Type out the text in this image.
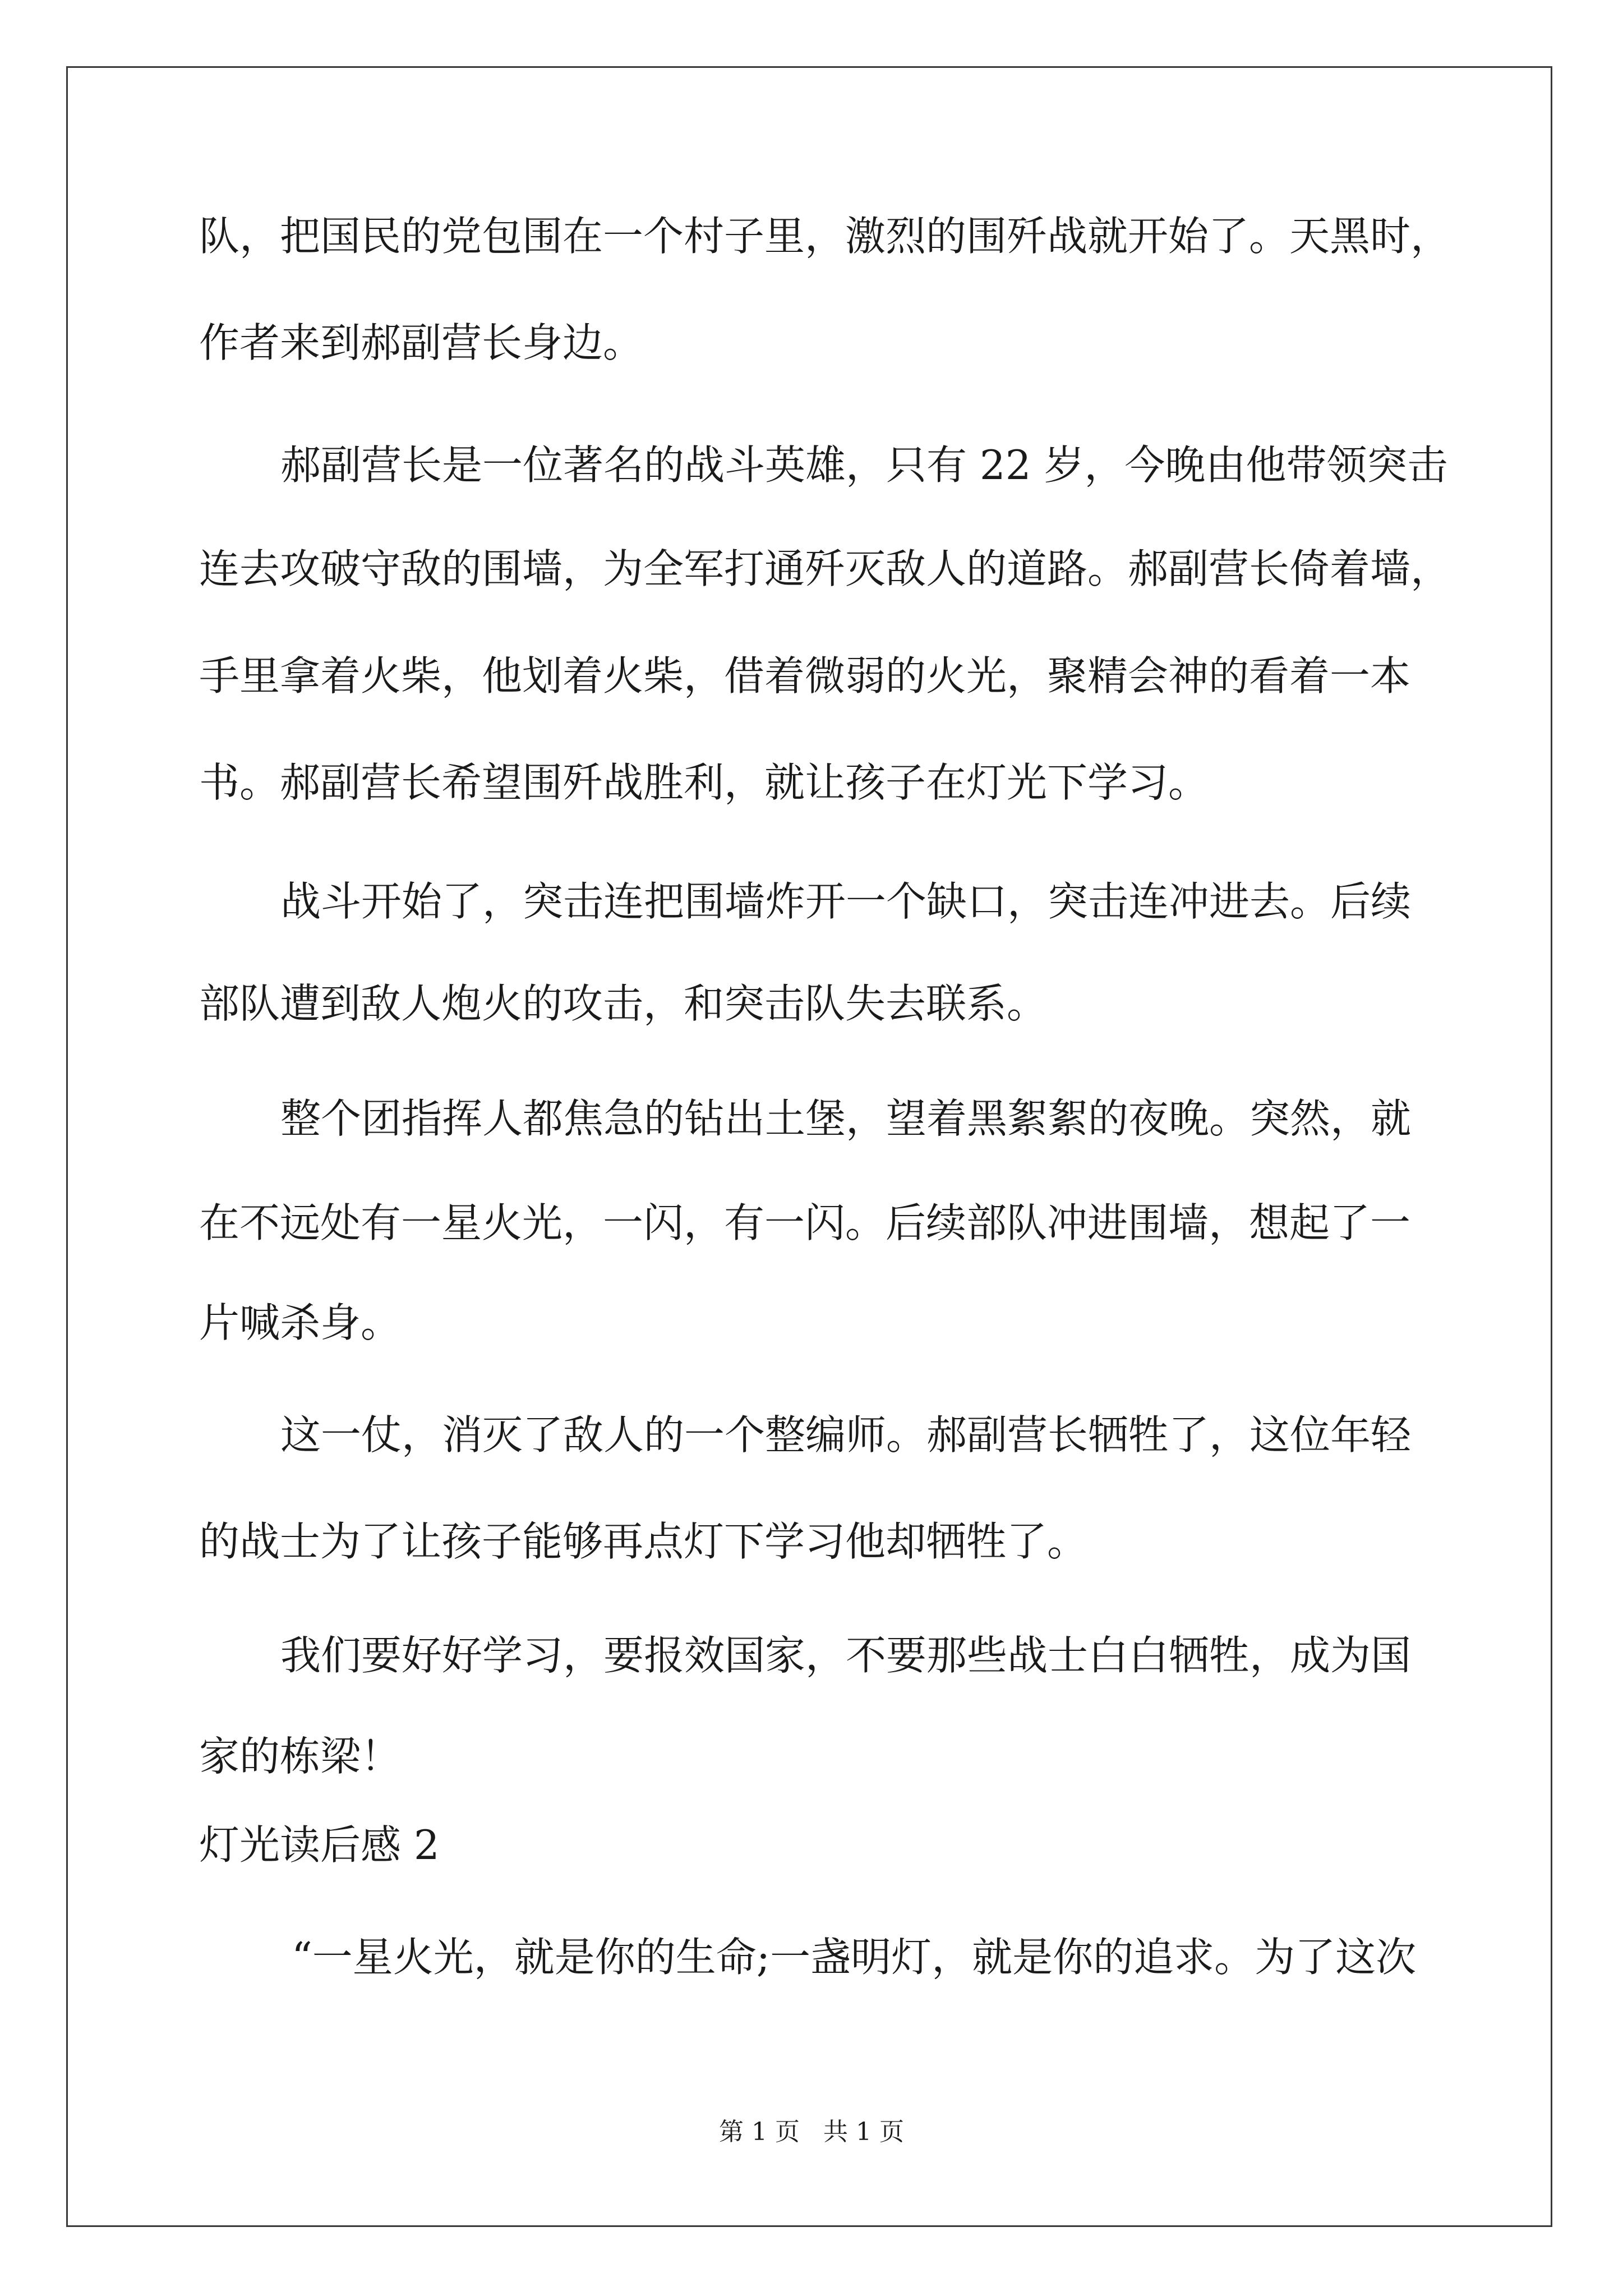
队，把国民的党包围在一个村子里，激烈的围歼战就开始了。天黑时，

作者来到郝副营长身边。

郝副营长是一位著名的战斗英雄，只有 22 岁，今晚由他带领突击

连去攻破守敌的围墙，为全军打通歼灭敌人的道路。郝副营长倚着墙，

手里拿着火柴，他划着火柴，借着微弱的火光，聚精会神的看着一本

书。郝副营长希望围歼战胜利，就让孩子在灯光下学习。

战斗开始了，突击连把围墙炸开一个缺口，突击连冲进去。后续

部队遭到敌人炮火的攻击，和突击队失去联系。

整个团指挥人都焦急的钻出土堡，望着黑絮絮的夜晚。突然，就

在不远处有一星火光，一闪，有一闪。后续部队冲进围墙，想起了一

片喊杀身。

这一仗，消灭了敌人的一个整编师。郝副营长牺牲了，这位年轻

的战士为了让孩子能够再点灯下学习他却牺牲了。

我们要好好学习，要报效国家，不要那些战士白白牺牲，成为国

家的栋梁！

灯光读后感 2

“一星火光，就是你的生命;一盏明灯，就是你的追求。为了这次

第 1 页   共 1 页
